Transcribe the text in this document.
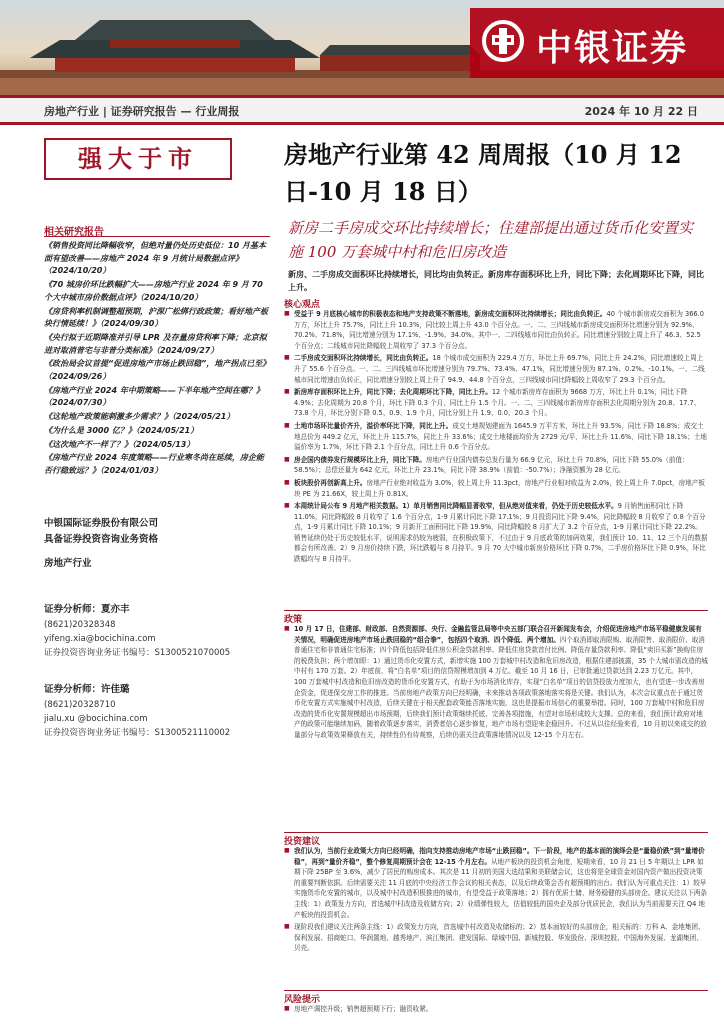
中银证券
房地产行业 | 证券研究报告 — 行业周报	2024 年 10 月 22 日
强大于市	房地产行业第 42 周周报（10 月 12 日-10 月 18 日）
新房二手房成交环比持续增长；住建部提出通过货币化安置实施 100 万套城中村和危旧房改造
新房、二手房成交面积环比持续增长，同比均由负转正。新房库存面积环比上升，同比下降；去化周期环比下降，同比上升。
核心观点
■ 受益于 9 月底核心城市的积极表态和地产支持政策不断落地，新房成交面积环比持续增长；同比由负转正。40 个城市新房成交面积为 366.0 万方，环比上升 75.7%，同比上升 10.3%，同比较上周上升 43.0 个百分点。一、二、三四线城市新房成交面积环比增速分别为 92.9%、70.2%、71.8%，同比增速分别为 17.1%、-1.9%、34.0%。其中一、二四线城市同比由负转正。同比增速分别较上周上升了 46.3、52.5 个百分点；二线城市同比降幅较上周收窄了 37.3 个百分点。
■ 二手房成交面积环比持续增长，同比由负转正。18 个城市成交面积为 229.4 万方，环比上升 69.7%，同比上升 24.2%，同比增速较上周上升了 55.6 个百分点。一、二、三四线城市环比增速分别为 79.7%、73.4%、47.1%，同比增速分别为 87.1%、0.2%、-10.1%。一、二线城市同比增速由负转正，同比增速分别较上周上升了 94.9、44.8 个百分点，三四线城市同比降幅较上周收窄了 29.3 个百分点。
■ 新房库存面积环比上升，同比下降；去化周期环比下降，同比上升。12 个城市新房库存面积为 9668 万方，环比上升 0.1%，同比下降 4.9%；去化周期为 20.8 个月，环比下降 0.3 个月，同比上升 1.5 个月。一、二、三四线城市新房库存面积去化周期分别为 20.8、17.7、73.8 个月，环比分别下降 0.5、0.9、1.9 个月，同比分别上升 1.9、0.0、20.3 个月。
■ 土地市场环比量价齐升，溢价率环比下降，同比上升。成交土地规划建面为 1645.9 万平方米，环比上升 93.5%，同比下降 18.8%；成交土地总价为 449.2 亿元，环比上升 115.7%，同比上升 33.6%；成交土地楼面均价为 2729 元/平，环比上升 11.6%，同比下降 18.1%；土地溢价率为 1.7%，环比下降 2.1 个百分点，同比上升 0.6 个百分点。
■ 房企国内债券发行规模环比上升，同比下降。房地产行业国内债券总发行量为 66.9 亿元，环比上升 70.8%，同比下降 55.0%（前值：58.5%）；总偿还量为 642 亿元，环比上升 23.1%，同比下降 38.9%（前值：-50.7%）；净融资额为 28 亿元。
■ 板块股价再创新高上升。房地产行业绝对收益为 3.0%，较上周上升 11.3pct，房地产行业相对收益为 2.0%，较上周上升 7.0pct，房地产板块 PE 为 21.66X，较上周上升 0.81X。
■ 本周统计局公布 9 月地产相关数据。1）单月销售同比降幅显著收窄，但从绝对值来看，仍处于历史较低水平。9 月销售面积同比下降 11.0%，同比降幅较 8 月收窄了 1.6 个百分点，1-9 月累计同比下降 17.1%；9 月投资同比下降 9.4%，同比降幅较 8 月收窄了 0.8 个百分点，1-9 月累计同比下降 10.1%；9 月新开工面积同比下降 19.9%，同比降幅较 8 月扩大了 3.2 个百分点，1-9 月累计同比下降 22.2%。销售延续仍处于历史较低水平，说明需求仍较为疲弱，在积极政策下，不过由于 9 月底政策的加码效果，我们预计 10、11、12 三个月的数据都会有所改善。2）9 月房价持续下跌，环比跌幅与 8 月持平。9 月 70 大中城市新房价格环比下降 0.7%，二手房价格环比下降 0.9%，环比跌幅均与 8 月持平。
政策
■ 10 月 17 日，住建部、财政部、自然资源部、央行、金融监管总局等中央五部门联合召开新闻发布会，介绍促进房地产市场平稳健康发展有关情况，明确促进房地产市场止跌回稳的“组合拳”，包括四个取消、四个降低、两个增加。四个取消即取消限购、取消限售、取消限价、取消普通住宅和非普通住宅标准；四个降低包括降低住房公积金贷款利率、降低住房贷款首付比例、降低存量贷款利率、降低“卖旧买新”换购住房的税费负担；两个增加即：1）通过货币化安置方式，新增实施 100 万套城中村改造和危旧房改造，根据住建部披露，35 个大城市需改造的城中村有 170 万套。2）年底前，将“白名单”项目的信贷规模增加到 4 万亿。截至 10 月 16 日，已审批通过贷款达到 2.23 万亿元。其中，100 万套城中村改造和危旧房改造的货币化安置方式，有助于为市场消化库存，实现“白名单”项目的信贷投放力度加大，也有望进一步改善房企资金，促进保交房工作的推进。当前房地产政策方向已经明确，未来推动各项政策落地落实将是关键。我们认为，本次会议重点在于通过货币化安置方式实施城中村改造，后续关键在于相关配套政策能否落地实施，这也是提振市场信心的重要举措。同时，100 万套城中村和危旧房改造的货币化安置规模超出市场预期，后续我们预计政策继续托底、完善各项措施，有望对市场形成较大支撑。总的来看，我们预计政府对地产的政策可能继续加码，随着政策逐步落实，消费者信心逐步修复，地产市场有望迎来企稳回升。不过从以往经验来看，10 月初以来成交的放量部分与政策效果释放有关，持续性仍有待观察，后续仍需关注政策落地情况以及 12-15 个月左右。
投资建议
■ 我们认为，当前行业政策大方向已经明确，指向支持推动房地产市场“止跌回稳”。下一阶段，地产的基本面的演绎会是“量稳价跌”到“量增价稳”，再到“量价齐稳”，整个修复周期预计会在 12-15 个月左右。从地产板块的投资机会角度，短期来看，10 月 21 日 5 年期以上 LPR 如期下降 25BP 至 3.6%，减少了居民的购房成本。其次是 11 月初的美国大选结果和美联储会议，这也将是全球资金对国内资产做出投资决策的重要判断依据。后续需要关注 11 月底的中央经济工作会议的相关表态，以及后续政策会否有超预期的出台。我们认为可重点关注：1）较早实施货币化安置的城市，以及城中村改造积极推进的城市，有望受益于政策落地；2）拥有优质土储、财务稳健的头部房企。建议关注以下两条主线：1）政策发力方向，首选城中村改造及收储方向；2）业绩弹性较大，估值较低的国央企及部分优质民企，我们认为当前需要关注 Q4 地产板块的投资机会。
■ 现阶段我们建议关注两条主线：1）政策发力方向，首选城中村改造及收储标的；2）基本面较好的头部房企，相关标的：万科 A、金地集团、保利发展、招商蛇口、华润置地、越秀地产、滨江集团、建发国际、绿城中国、新城控股、华发股份、深圳控股、中国海外发展、龙湖集团、贝壳。
风险提示
■ 房地产调控升级；销售超预期下行；融资收紧。
相关研究报告
《销售投资同比降幅收窄，但绝对量仍处历史低位：10 月基本面有望改善——房地产 2024 年 9 月统计局数据点评》（2024/10/20）
《70 城房价环比跌幅扩大——房地产行业 2024 年 9 月 70 个大中城市房价数据点评》（2024/10/20）
《房贷利率机制调整超预期，沪深广松绑行政政策；看好地产板块行情延续！》（2024/09/30）
《央行拟于近期降准并引导 LPR 及存量房贷利率下降；北京拟进对取消普宅与非普分类标准》（2024/09/27）
《政治局会议首提“促进房地产市场止跌回稳”，地产拐点已至》（2024/09/26）
《房地产行业 2024 年中期策略——下半年地产空间在哪？》（2024/07/30）
《这轮地产政策能刺激多少需求？》（2024/05/21）
《为什么是 3000 亿？》（2024/05/21）
《这次地产不一样了？》（2024/05/13）
《房地产行业 2024 年度策略——行业寒冬尚在延续，房企能否行稳致远？》（2024/01/03）
中银国际证券股份有限公司
具备证券投资咨询业务资格
房地产行业
证券分析师：夏亦丰
(8621)20328348
yifeng.xia@bocichina.com
证券投资咨询业务证书编号：S1300521070005
证券分析师：许佳璐
(8621)20328710
jialu.xu @bocichina.com
证券投资咨询业务证书编号：S1300521110002
